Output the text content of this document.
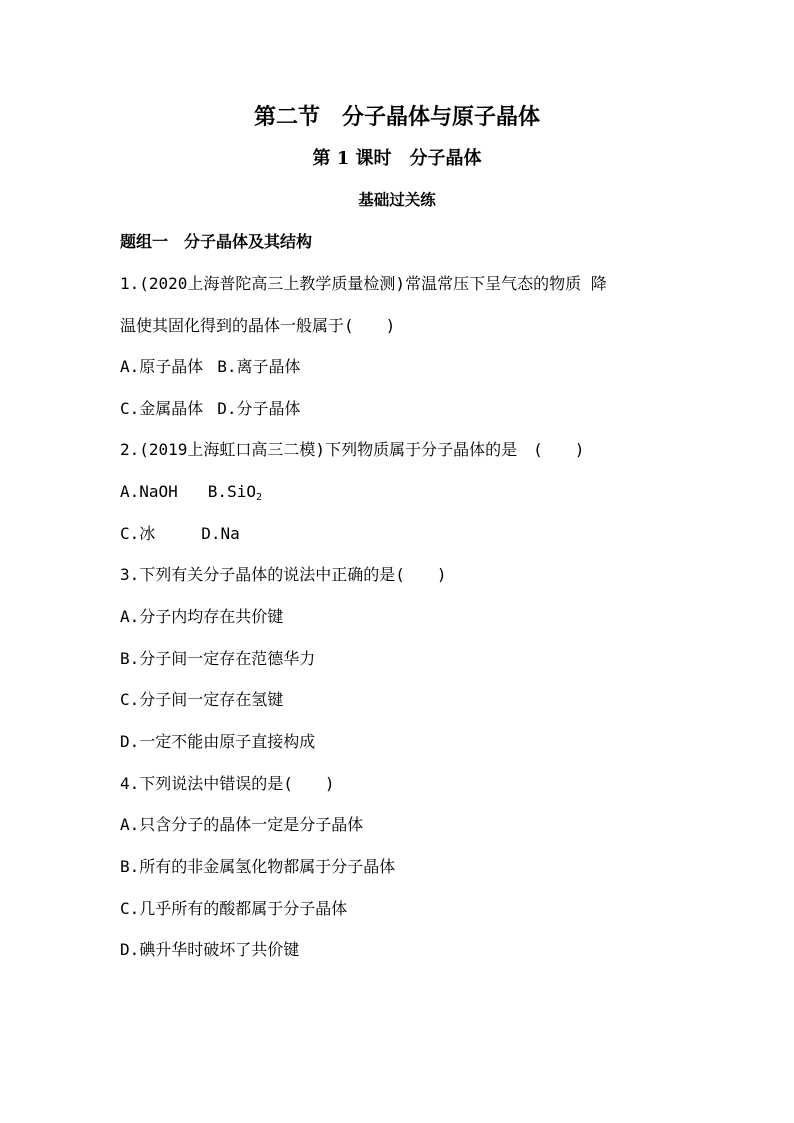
第二节　分子晶体与原子晶体
第 1 课时　分子晶体
基础过关练
题组一　分子晶体及其结构
1.(2020上海普陀高三上教学质量检测)常温常压下呈气态的物质 降
温使其固化得到的晶体一般属于(　　)
A.原子晶体 B.离子晶体
C.金属晶体 D.分子晶体
2.(2019上海虹口高三二模)下列物质属于分子晶体的是　(　　)
A.NaOH B.SiO$_2$
C.冰	D.Na
3.下列有关分子晶体的说法中正确的是(　　)
A.分子内均存在共价键
B.分子间一定存在范德华力
C.分子间一定存在氢键
D.一定不能由原子直接构成
4.下列说法中错误的是(　　)
A.只含分子的晶体一定是分子晶体
B.所有的非金属氢化物都属于分子晶体
C.几乎所有的酸都属于分子晶体
D.碘升华时破坏了共价键
